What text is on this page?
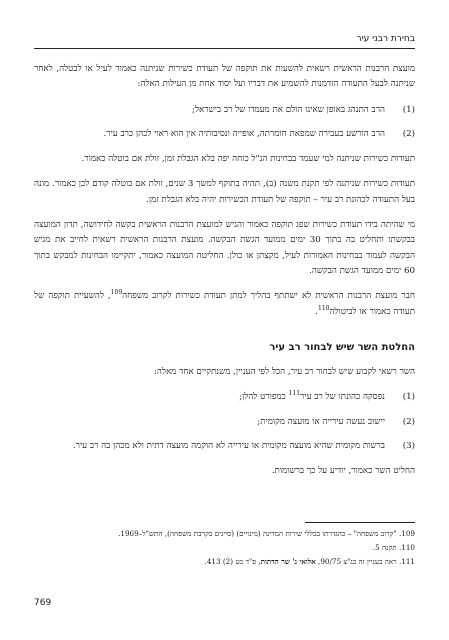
בחירת רבני עיר

מועצת הרבנות הראשית רשאית להשעות את תוקפה של תעודת כשירות שניתנה כאמור לעיל או לבטלה, לאחר שניתנה לבעל התעודה הזדמנות להשמיע את דבריו ועל יסוד אחת מן העילות האלה:

(1)
הרב התנהג באופן שאינו הולם את מעמדו של רב בישראל;
(2)
הרב הורשע בעבירה שמפאת חומרתה, אופייה ונסיבותיה אין הוא ראוי לכהן כרב עיר.

תעודות כשירות שניתנה למי שעמד בבחינות הנ"ל כוחה יפה בלא הגבלת זמן, זולת אם בוטלה כאמור.

תעודות כשירות שניתנה לפי תקנת משנה (ב), תהיה בתוקף למשך 3 שנים, זולת אם בוטלה קודם לכן כאמור. מונה בעל התעודה לכהונת רב עיר – תוקפה של תעודת הכשירות יהיה בלא הגבלת זמן.

מי שהיתה בידו תעודת כשירות שפג תוקפה כאמור והגיש למועצת הרבנות הראשית בקשה לחידושה, תדון המועצה בבקשתו ותחליט בה בתוך 30 ימים ממועד הגשת הבקשה. מועצת הרבנות הראשית רשאית לחייב את מגיש הבקשה לעמוד בבחינות האמורות לעיל, מקצתן או כולן. החליטה המועצה כאמור, יתקיימו הבחינות למבקש בתוך 60 ימים ממועד הגשת הבקשה.

חבר מועצת הרבנות הראשית לא ישתתף בהליך למתן תעודת כשירות לקרוב משפחה$^{109}$, להשעיית תוקפה של תעודה כאמור או לביטולה$^{110}$.

החלטת השר שיש לבחור רב עיר

השר רשאי לקבוע שיש לבחור רב עיר, הכל לפי העניין, משנתקיים אחד מאלה:

(1)
נפסקה כהונתו של רב עיר$^{111}$ כמפורט להלן;
(2)
יישוב נעשה עירייה או מועצה מקומית;
(3)
ברשות מקומית שהיא מועצה מקומית או עירייה לא הוקמה מועצה דתית ולא מכהן בה רב עיר.

החליט השר כאמור, יודיע על כך ברשומות.

109. "קרוב משפחה" – כהגדרתו בכללי שירות המדינה (מינויים) (סייגים בקרבת משפחה), התש"ל–1969.
110. תקנה 5.
111. ראה בעניין זה בג"צ 90/75, אלואי נ' שר הדתות, פ"ד כט (2) 413.
769
